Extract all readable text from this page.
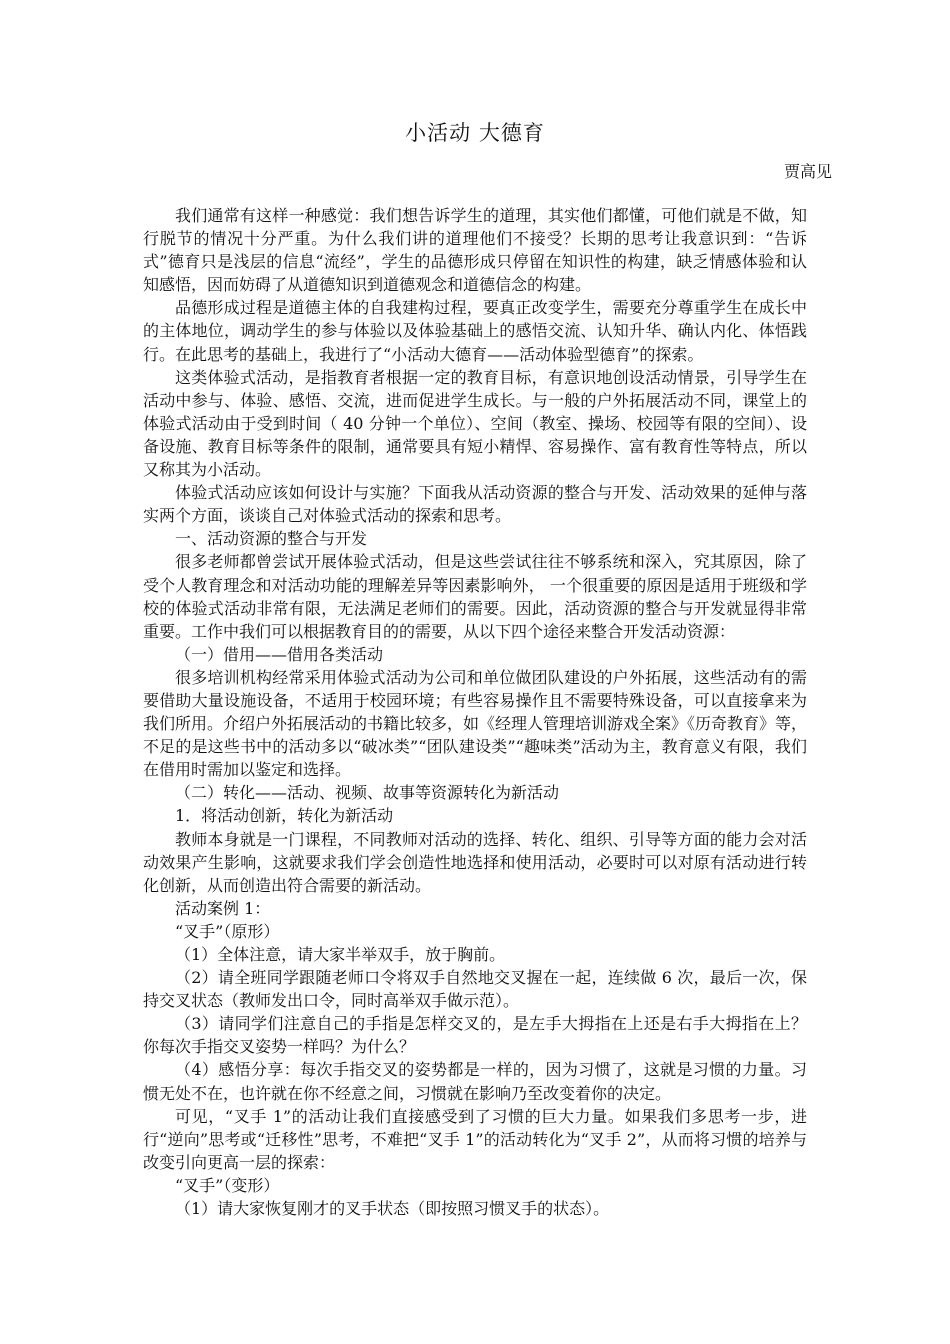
小活动 大德育
贾高见

我们通常有这样一种感觉：我们想告诉学生的道理，其实他们都懂，可他们就是不做，知行脱节的情况十分严重。为什么我们讲的道理他们不接受？长期的思考让我意识到：“告诉式”德育只是浅层的信息“流经”，学生的品德形成只停留在知识性的构建，缺乏情感体验和认知感悟，因而妨碍了从道德知识到道德观念和道德信念的构建。

品德形成过程是道德主体的自我建构过程，要真正改变学生，需要充分尊重学生在成长中的主体地位，调动学生的参与体验以及体验基础上的感悟交流、认知升华、确认内化、体悟践行。在此思考的基础上，我进行了“小活动大德育——活动体验型德育”的探索。

这类体验式活动，是指教育者根据一定的教育目标，有意识地创设活动情景，引导学生在活动中参与、体验、感悟、交流，进而促进学生成长。与一般的户外拓展活动不同，课堂上的体验式活动由于受到时间（ 40 分钟一个单位）、空间（教室、操场、校园等有限的空间）、设备设施、教育目标等条件的限制，通常要具有短小精悍、容易操作、富有教育性等特点，所以又称其为小活动。

体验式活动应该如何设计与实施？下面我从活动资源的整合与开发、活动效果的延伸与落实两个方面，谈谈自己对体验式活动的探索和思考。

一、活动资源的整合与开发

很多老师都曾尝试开展体验式活动，但是这些尝试往往不够系统和深入，究其原因，除了受个人教育理念和对活动功能的理解差异等因素影响外， 一个很重要的原因是适用于班级和学校的体验式活动非常有限，无法满足老师们的需要。因此，活动资源的整合与开发就显得非常重要。工作中我们可以根据教育目的的需要，从以下四个途径来整合开发活动资源：

（一）借用——借用各类活动

很多培训机构经常采用体验式活动为公司和单位做团队建设的户外拓展，这些活动有的需要借助大量设施设备，不适用于校园环境；有些容易操作且不需要特殊设备，可以直接拿来为我们所用。介绍户外拓展活动的书籍比较多，如《经理人管理培训游戏全案》《历奇教育》等，不足的是这些书中的活动多以“破冰类”“团队建设类”“趣味类”活动为主，教育意义有限，我们在借用时需加以鉴定和选择。

（二）转化——活动、视频、故事等资源转化为新活动

1．将活动创新，转化为新活动

教师本身就是一门课程，不同教师对活动的选择、转化、组织、引导等方面的能力会对活动效果产生影响，这就要求我们学会创造性地选择和使用活动，必要时可以对原有活动进行转化创新，从而创造出符合需要的新活动。

活动案例 1：

“叉手”（原形）

（1）全体注意，请大家半举双手，放于胸前。

（2）请全班同学跟随老师口令将双手自然地交叉握在一起，连续做 6 次，最后一次，保持交叉状态（教师发出口令，同时高举双手做示范）。

（3）请同学们注意自己的手指是怎样交叉的，是左手大拇指在上还是右手大拇指在上？你每次手指交叉姿势一样吗？为什么？

（4）感悟分享：每次手指交叉的姿势都是一样的，因为习惯了，这就是习惯的力量。习惯无处不在，也许就在你不经意之间，习惯就在影响乃至改变着你的决定。

可见，“叉手 1”的活动让我们直接感受到了习惯的巨大力量。如果我们多思考一步，进行“逆向”思考或“迁移性”思考，不难把“叉手 1”的活动转化为“叉手 2”，从而将习惯的培养与改变引向更高一层的探索：

“叉手”（变形）

（1）请大家恢复刚才的叉手状态（即按照习惯叉手的状态）。
